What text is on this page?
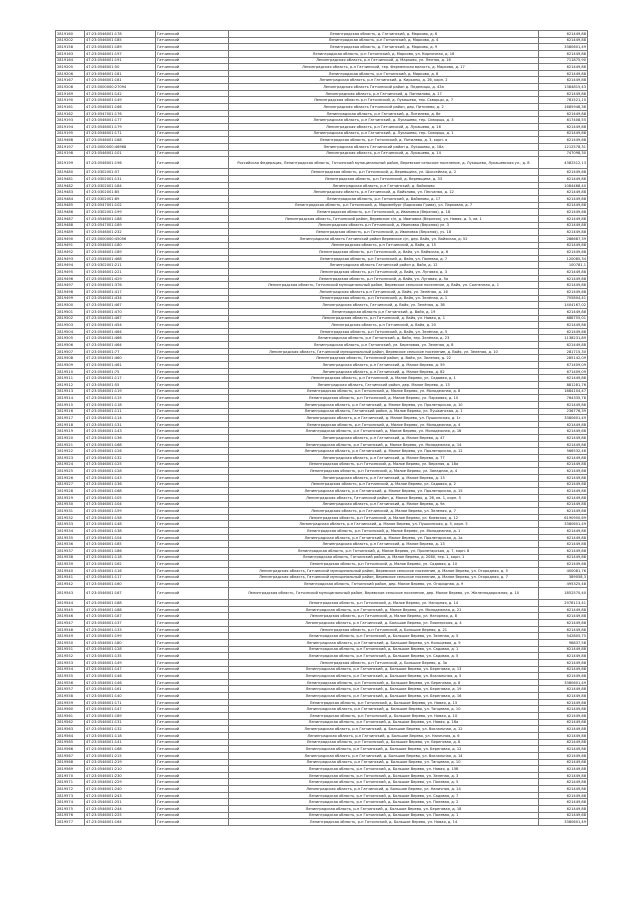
2819160	47:23:0546001:178	Гатчинский	Ленинградская область, д. Гатчинский, д. Марково, д. 6	621449,88
2819202	47:23:0546001:185	Гатчинский	Ленинградская область, р-н Гатчинский, д. Марково, д. 4	621449,88
2819158	47:23:0546001:189	Гатчинский	Ленинградская область, д. Гатчинский, д. Марково, д. 9	3380601,49
2819163	47:23:0546001:197	Гатчинский	Ленинградская область, р-н Гатчинский, д. Марково, ул. Кирпичная, д. 16	621449,88
2819164	47:23:0546001:191	Гатчинский	Ленинградская область, р-н Гатчинский, д. Марково, ул. Лесная, д. 16	711875,90
2819205	47:23:0546001:50	Гатчинский	Ленинградская область, р-н Гатчинский, тер. Ферменская волость, д. Марково, д. 17	621449,88
2819206	47:23:0546001:181	Гатчинский	Ленинградская область, р-н Гатчинский, д. Марково, д. 8	621449,88
2819167	47:23:0546001:181	Гатчинский	Ленинградская область, р-н Гатчинский, д. Кирьяны, д. 2б, корп. 2	621449,88
2819208	47:23:0000000:27094	Гатчинский	Ленинградская область Гатчинский район д. Педелицы, д. 43а	1384815,43
2819169	47:23:0546001:142	Гатчинский	Ленинградская область, р-н Гатчинский, д. Паппилово, д. 17	621449,88
2819190	47:23:0546001:149	Гатчинский	Ленинградская область р-н Гатчинский, д. Лукашево, тер. Скворцы, д. 7	781521,10
2819161	47:23:0546001:166	Гатчинский	Ленинградская область Гатчинский район, дер. Питилево, д. 2	1685948,38
2819162	47:23:0547001:176	Гатчинский	Ленинградская область, р-н Гатчинский, д. Питилево, д. 8е	621449,88
2819193	47:23:0546001:177	Гатчинский	Ленинградская область, р-н Гатчинский, д. Лукашево, тер. Скворцы, д. 3	617408,55
2819194	47:23:0546001:179	Гатчинский	Ленинградская область, р-н Гатчинский, д. Лукашево, д. 16	621449,88
2819195	47:23:0546001:171	Гатчинский	Ленинградская область, р-н Гатчинский, д. Лукашево, тер. Скворцы, д. 1	621449,88
2819468	47:23:0546001:188	Гатчинский	Ленинградская область, р-н Гатчинский, д. Питилево, д. 3, корп. а	621449,88
2819197	47:23:0000000:46968	Гатчинский	Ленинградская область Гатчинский район д. Лукашево, д. 18а	1212578,31
2819198	47:23:0546001:101	Гатчинский	Ленинградская область, р-н Гатчинский, д. Лукашево, д. 14	747098,30
2819199	47:23:0546001:196	Гатчинский	Российская Федерация, Ленинградская область, Гатчинский муниципальный район, Веревское сельское поселение, д. Лукашево, Лукашевская ул., д. 8	4382512,13
2819480	47:23:0302001:57	Гатчинский	Ленинградская область, р-н Гатчинский, д. Веревщина, ул. Шоссейная, д. 2	621449,88
2819481	47:23:0302001:131	Гатчинский	Ленинградская область, р-н Гатчинский, д. Веревщина, д. 33	621449,88
2819482	47:23:0302001:184	Гатчинский	Ленинградская область, р-н Гатчинский, д. Вайялово	1084468,40
2819483	47:23:0302001:85	Гатчинский	Ленинградская область, р-н Гатчинский, д. Вайялово, ул. Песчаная, д. 12	621449,88
2819484	47:23:0302001:89	Гатчинский	Ленинградская область, р-н Гатчинский, д. Вайялово, д. 17	621449,88
2819485	47:23:0547001:102	Гатчинский	Ленинградская область, р-н Гатчинский, д. Мариенбург (Борисова Грива), ул. Парковая, д. 7	621449,88
2819486	47:23:0302001:199	Гатчинский	Ленинградская область, р-н Гатчинский, д. Ивановка (Верхняя), д. 18	621449,88
2819487	47:23:0546001:188	Гатчинский	Ленинградская область, Гатчинский район, Веревское с/п, д. Ивановка (Верхняя), ул. Новая, д. 3, кв. 1	621449,88
2819488	47:23:0547001:189	Гатчинский	Ленинградская область р-н Гатчинский, д. Ивановка (Верхняя) ул. 3	621449,88
2819489	47:23:0546001:232	Гатчинский	Ленинградская область, р-н Гатчинский, д. Ивановка (Верхняя), уч. 18	621449,88
2819490	47:23:0000000:45056	Гатчинский	Ленинградская область Гатчинский район Веревское с/п, дер. Вайя, ул. Вайяская, д. 52	288687,39
2819491	47:23:0546001:180	Гатчинский	Ленинградская область, р-н Гатчинский, д. Вайя, д. 15	621449,88
2819492	47:23:0546001:189	Гатчинский	Ленинградская область, р-н Гатчинский, д. Вайя, ул. Вайяская, д. 6	621449,88
2819493	47:23:0546001:468	Гатчинский	Ленинградская область, р-н Гатчинский, д. Вайя, ул. Полевая, д. 7	120085,34
2819494	47:23:0302001:211	Гатчинский	Ленинградская область Гатчинский район д. Вайя, д. 12	100781,1
2819495	47:23:0546001:221	Гатчинский	Ленинградская область, р-н Гатчинский, д. Вайя, ул. Луговая, д. 3	621449,88
2819496	47:23:0546001:429	Гатчинский	Ленинградская область, р-н Гатчинский, д. Вайя, ул. Луговая, д. 5а	621449,88
2819497	47:23:0546001:376	Гатчинский	Ленинградская область, Гатчинский муниципальный район, Веревское сельское поселение, д. Вайя, ул. Солнечная, д. 1	621449,88
2819498	47:23:0546001:417	Гатчинский	Ленинградская область р-н Гатчинский, д. Вайя, ул. Зелёная, д. 16	621449,88
2819499	47:23:0546001:434	Гатчинский	Ленинградская область, р-н Гатчинский, д. Вайя, ул. Зелёная, д. 1	705804,41
2819500	47:23:0546001:467	Гатчинский	Ленинградская область, Гатчинский, д. Вайя, ул. Зелёная, д. 3б	1404167,02
2819501	47:23:0546001:470	Гатчинский	Ленинградская область р-н Гатчинский, д. Вайя, д. 19	621449,88
2819502	47:23:0546001:467	Гатчинский	Ленинградская область, р-н Гатчинский, д. Вайя, ул. Новая, д. 1	688755,01
2819503	47:23:0546001:454	Гатчинский	Ленинградская область, р-н Гатчинский, д. Вайя, д. 20	621449,88
2819504	47:23:0546001:464	Гатчинский	Ленинградская область, р-н Гатчинский, д. Вайя, ул. Зелёная, д. 5	621449,88
2819505	47:23:0546001:466	Гатчинский	Ленинградская область, р-н Гатчинский, д. Вайя, тер. Зелёная, д. 23	1138231,89
2819506	47:23:0546001:464	Гатчинский	Ленинградская область, р-н Гатчинский, ул. Березовая, ул. Зеленая, д. 8	621449,88
2819507	47:23:0546001:77	Гатчинский	Ленинградская область, Гатчинский муниципальный район, Веревское сельское поселение, д. Вайя, ул. Зеленая, д. 10	281715,30
2819508	47:23:0546001:460	Гатчинский	Ленинградская область, Гатчинский район, д. Вайя, ул. Зеленая, д. 22	285142,09
2819509	47:23:0546001:461	Гатчинский	Ленинградская область, р-н Гатчинский, д. Малое Верево, д. 59	671409,09
2819510	47:23:0546001:75	Гатчинский	Ленинградская область, р-н Гатчинский, д. Малое Верево, д. 82	671409,09
2819511	47:23:0546001:117	Гатчинский	Ленинградская область, р-н Гатчинский, д. Малое Верево, ул. Садовая, д. 1	621449,88
2819512	47:23:0546001:55	Гатчинский	Ленинградская область, Гатчинский район, дер. Малое Верево, д. 13	881281,76
2819513	47:23:0546001:119	Гатчинский	Ленинградская область, р-н Гатчинский, д. Малое Верево, ул. Молодежная, д. 8	1884104,47
2819514	47:23:0546001:115	Гатчинский	Ленинградская область, р-н Гатчинский, д. Малое Верево, ул. Парковая, д. 10	764335,78
2819515	47:23:0546001:118	Гатчинский	Ленинградская область, р-н Гатчинский, д. Малое Верево, ул. Пролетарская, д. 10	621449,88
2819516	47:23:0546001:111	Гатчинский	Ленинградская область, Гатчинский район, д. Малое Верево, ул. Пушкинская, д. 1	236776,39
2819517	47:23:0546001:114	Гатчинский	Ленинградская область, р-н Гатчинский, д. Малое Верево, ул. Пушкинская, д. 1г	3380601,49
2819518	47:23:0546001:131	Гатчинский	Ленинградская область, р-н Гатчинский, д. Малое Верево, ул. Молодежная, д. 4	621449,88
2819519	47:23:0546001:143	Гатчинский	Ленинградская область, р-н Гатчинский, д. Малое Верево, ул. Молодежная, д. 1б	621449,88
2819520	47:23:0546001:136	Гатчинский	Ленинградская область, р-н Гатчинский, д. Малое Верево, д. 47	621449,88
2819521	47:23:0546001:168	Гатчинский	Ленинградская область, р-н Гатчинский, д. Малое Верево, ул. Молодежная, д. 14	621449,88
2819522	47:23:0546001:126	Гатчинский	Ленинградская область, р-н Гатчинский, д. Малое Верево, ул. Пролетарская, д. 12	566532,48
2819523	47:23:0546001:132	Гатчинский	Ленинградская область, р-н Гатчинский, д. Малое Верево, д. 77	621449,88
2819524	47:23:0546001:125	Гатчинский	Ленинградская область, р-н Гатчинский, д. Малое Верево, ул. Верхняя, д. 18а	621449,88
2819525	47:23:0546001:128	Гатчинский	Ленинградская область, р-н Гатчинский, д. Малое Верево, ул. Западная, д. 4	621449,88
2819526	47:23:0546001:143	Гатчинский	Ленинградская область, р-н Гатчинский, д. Малое Верево, д. 13	621449,88
2819527	47:23:0546001:136	Гатчинский	Ленинградская область, р-н Гатчинский, д. Малое Верево, ул. Садовая, д. 2	621449,88
2819528	47:23:0546001:168	Гатчинский	Ленинградская область, р-н Гатчинский, д. Малое Верево, ул. Пролетарская, д. 15	621449,88
2819529	47:23:0546001:105	Гатчинский	Ленинградская область, Гатчинский район, д. Малое Верево, д. 2б, кв. 1, корп. 5	621449,88
2819530	47:23:0546001:104	Гатчинский	Ленинградская область, р-н Гатчинский, д. Малое Верево, д. 9а	621449,88
2819531	47:23:0546001:159	Гатчинский	Ленинградская область, р-н Гатчинский, д. Малое Верево, ул. Зеленая, д. 7	621449,88
2819532	47:23:0546001:158	Гатчинский	Ленинградская область, р-н Гатчинский, д. Малое Верево, ул. Киевская, д. 12	6190950,69
2819533	47:23:0546001:148	Гатчинский	Ленинградская область, р-н Гатчинский, д. Малое Верево, ул. Пушкинская, д. 5, корп. 5	3380601,49
2819534	47:23:0546001:138	Гатчинский	Ленинградская область, р-н Гатчинский, д. Малое Верево, ул. Молодежная, д. 1	621449,88
2819535	47:23:0546001:104	Гатчинский	Ленинградская область, р-н Гатчинский, д. Малое Верево, ул. Пролетарская, д. 1а	621449,88
2819536	47:23:0546001:185	Гатчинский	Ленинградская область, р-н Гатчинский, д. Малое Верево, д. 13	621449,88
2819537	47:23:0546001:186	Гатчинский	Ленинградская область, р-н Гатчинский, д. Малое Верево, ул. Пролетарская, д. 7, корп. 8	621449,88
2819538	47:23:0546001:118	Гатчинский	Ленинградская область, Гатчинский район, д. Малое Верево, д. 2080, тер. 1, корп. 1	621449,88
2819539	47:23:0546001:162	Гатчинский	Ленинградская область, р-н Гатчинский, д. Малое Верево, ул. Садовая, д. 10	621449,88
2819540	47:23:0546001:116	Гатчинский	Ленинградская область, Гатчинский муниципальный район, Веревское сельское поселение, д. Малое Верево, ул. Огородная, д. 5	400081,76
2819541	47:23:0546001:117	Гатчинский	Ленинградская область, Гатчинский муниципальный район, Веревское сельское поселение, д. Малое Верево, ул. Огородная, д. 7	389058,3
2819542	47:23:0546001:160	Гатчинский	Ленинградская область, Гатчинский район, дер. Малое Верево, ул. Огородная, д. 9	495325,48
2819543	47:23:0546001:167	Гатчинский	Ленинградская область, Гатчинский муниципальный район, Веревское сельское поселение, дер. Малое Верево, ул. Железнодорожная, д. 10	1852570,40
2819544	47:23:0546001:188	Гатчинский	Ленинградская область, р-н Гатчинский, д. Малое Верево, ул. Нагорная, д. 14	2978113,41
2819545	47:23:0546001:188	Гатчинский	Ленинградская область, р-н Гатчинский, д. Малое Верево, ул. Молодежная, д. 21	621449,88
2819546	47:23:0546001:187	Гатчинский	Ленинградская область, р-н Гатчинский, д. Малое Верево, ул. Нагорная, д. 8	621449,88
2819547	47:23:0546001:137	Гатчинский	Ленинградская область, р-н Гатчинский, д. Большое Верево, ул. Пионерская, д. 4	621449,88
2819548	47:23:0546001:133	Гатчинский	Ленинградская область, р-н Гатчинский, д. Большое Верево, д. 21	621449,88
2819549	47:23:0546001:199	Гатчинский	Ленинградская область, р-н Гатчинский, д. Большое Верево, ул. Зеленая, д. 5	542805,75
2819550	47:23:0546001:180	Гатчинский	Ленинградская область, р-н Гатчинский, д. Большое Верево, ул. Кольцевая, д. 9	98837,58
2819551	47:23:0546001:128	Гатчинский	Ленинградская область, р-н Гатчинский, д. Большое Верево, ул. Садовая, д. 1	621449,88
2819552	47:23:0546001:135	Гатчинский	Ленинградская область, р-н Гатчинский, д. Большое Верево, ул. Садовая, д. 5	621449,88
2819553	47:23:0546001:149	Гатчинский	Ленинградская область, р-н Гатчинский, д. Большое Верево, д. 3а	621449,88
2819554	47:23:0546001:147	Гатчинский	Ленинградская область, р-н Гатчинский, д. Большое Верево, ул. Береговая, д. 13	621449,88
2819555	47:23:0546001:146	Гатчинский	Ленинградская область, р-н Гатчинский, д. Большое Верево, ул. Вокзальная, д. 5	621449,88
2819556	47:23:0546001:146	Гатчинский	Ленинградская область, р-н Гатчинский, д. Большое Верево, ул. Береговая, д. 8	3380601,49
2819557	47:23:0546001:161	Гатчинский	Ленинградская область, р-н Гатчинский, д. Большое Верево, ул. Береговая, д. 19	621449,88
2819558	47:23:0546001:140	Гатчинский	Ленинградская область, р-н Гатчинский, д. Большое Верево, ул. Береговая, д. 16	621449,88
2819559	47:23:0546001:171	Гатчинский	Ленинградская область, р-н Гатчинский, д. Большое Верево, ул. Новая, д. 15	621449,88
2819560	47:23:0546001:147	Гатчинский	Ленинградская область, р-н Гатчинский, д. Большое Верево, ул. Танцевая, д. 10	621449,88
2819561	47:23:0546001:189	Гатчинский	Ленинградская область, р-н Гатчинский, д. Большое Верево, ул. Новая, д. 10	621449,88
2819562	47:23:0546001:131	Гатчинский	Ленинградская область, р-н Гатчинский, д. Большое Верево, ул. Новая, д. 16а	621449,88
2819563	47:23:0546001:132	Гатчинский	Ленинградская область, р-н Гатчинский, д. Большое Верево, ул. Вокзальная, д. 12	621449,88
2819564	47:23:0546001:118	Гатчинский	Ленинградская область, р-н Гатчинский, д. Большое Верево, ул. Наличная, д. 6	621449,88
2819565	47:23:0546001:141	Гатчинский	Ленинградская область, р-н Гатчинский, д. Большое Верево, ул. Береговая, д. 8	621449,88
2819566	47:23:0546001:168	Гатчинский	Ленинградская область, р-н Гатчинский, д. Большое Верево, ул. Береговая, д. 12	621449,88
2819567	47:23:0546001:215	Гатчинский	Ленинградская область, р-н Гатчинский, д. Большое Верево, ул. Вокзальная, д. 14	621449,88
2819568	47:23:0546001:219	Гатчинский	Ленинградская область, р-н Гатчинский, д. Большое Верево, ул. Танцевая, д. 10	621449,88
2819569	47:23:0546001:210	Гатчинский	Ленинградская область, р-н Гатчинский, д. Большое Верево, ул. Новая, д. 15б	621449,88
2819570	47:23:0546001:230	Гатчинский	Ленинградская область, р-н Гатчинский, д. Большое Верево, ул. Зеленая, д. 3	621449,88
2819571	47:23:0546001:229	Гатчинский	Ленинградская область, р-н Гатчинский, д. Большое Верево, ул. Полевая, д. 5	621449,88
2819572	47:23:0546001:240	Гатчинский	Ленинградская область, р-н Гатчинский, д. Большое Верево, ул. Наличная, д. 14	621449,88
2819573	47:23:0546001:243	Гатчинский	Ленинградская область, р-н Гатчинский, д. Большое Верево, ул. Садовая, д. 7	621449,88
2819574	47:23:0546001:251	Гатчинский	Ленинградская область, р-н Гатчинский, д. Большое Верево, ул. Полевая, д. 2	621449,88
2819575	47:23:0546001:244	Гатчинский	Ленинградская область, р-н Гатчинский, д. Большое Верево, ул. Береговая, д. 18	621449,88
2819576	47:23:0546001:225	Гатчинский	Ленинградская область, р-н Гатчинский, д. Большое Верево, ул. Полевая, д. 1	621449,88
2819577	47:23:0546001:164	Гатчинский	Ленинградская область, р-н Гатчинский, д. Большое Верево, ул. Новая, д. 14	3380601,49
